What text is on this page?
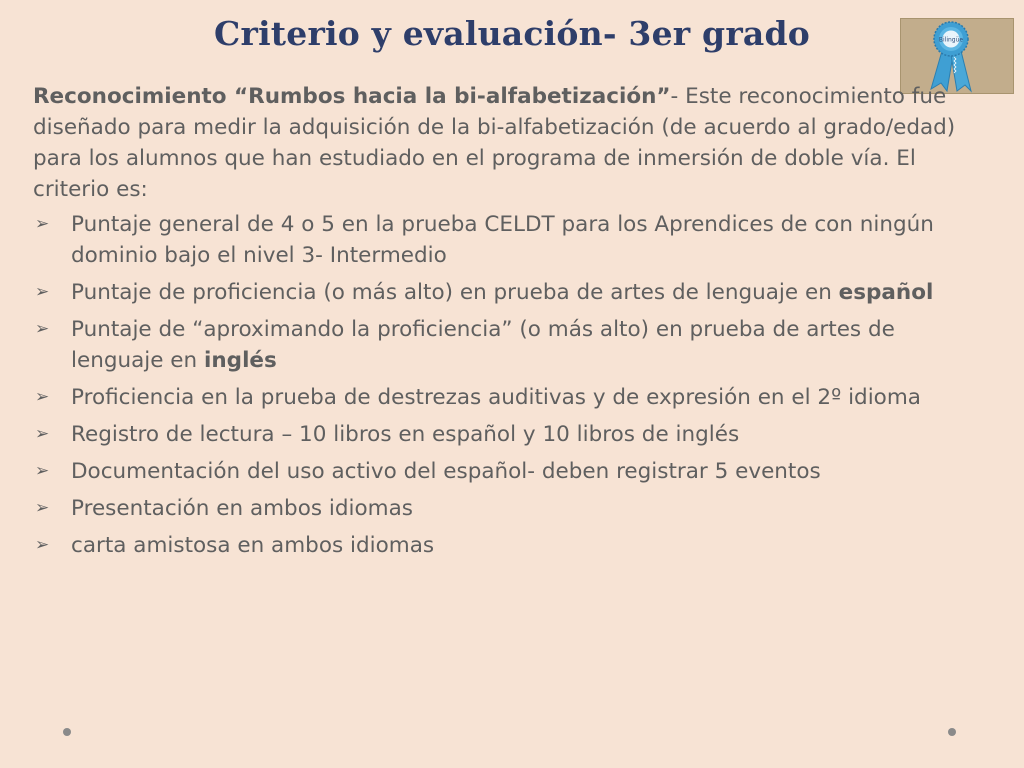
Criterio y evaluación- 3er grado	Bilingüe

Reconocimiento “Rumbos hacia la bi-alfabetización”- Este reconocimiento fue diseñado para medir la adquisición de la bi-alfabetización (de acuerdo al grado/edad) para los alumnos que han estudiado en el programa de inmersión de doble vía. El criterio es:

➢ Puntaje general de 4 o 5 en la prueba CELDT para los Aprendices de con ningún dominio bajo el nivel 3- Intermedio
➢ Puntaje de proficiencia (o más alto) en prueba de artes de lenguaje en español
➢ Puntaje de “aproximando la proficiencia” (o más alto) en prueba de artes de lenguaje en inglés
➢ Proficiencia en la prueba de destrezas auditivas y de expresión en el 2º idioma
➢ Registro de lectura – 10 libros en español y 10 libros de inglés
➢ Documentación del uso activo del español- deben registrar 5 eventos
➢ Presentación en ambos idiomas
➢ carta amistosa en ambos idiomas
